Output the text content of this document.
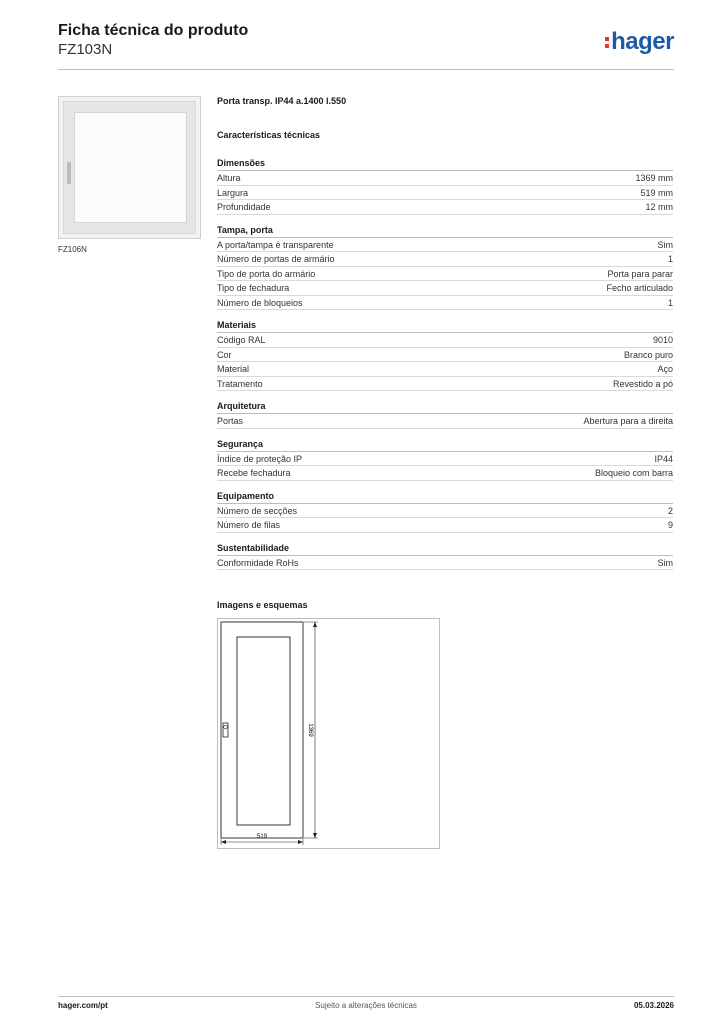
Ficha técnica do produto
FZ103N	hager
FZ106N
Porta transp. IP44 a.1400 l.550
Características técnicas
Dimensões
Altura	1369 mm
Largura	519 mm
Profundidade	12 mm
Tampa, porta
A porta/tampa é transparente	Sim
Número de portas de armário	1
Tipo de porta do armário	Porta para parar
Tipo de fechadura	Fecho articulado
Número de bloqueios	1
Materiais
Código RAL	9010
Cor	Branco puro
Material	Aço
Tratamento	Revestido a pó
Arquitetura
Portas	Abertura para a direita
Segurança
Índice de proteção IP	IP44
Recebe fechadura	Bloqueio com barra
Equipamento
Número de secções	2
Número de filas	9
Sustentabilidade
Conformidade RoHs	Sim
Imagens e esquemas
1369
519
hager.com/pt	Sujeito a alterações técnicas	05.03.2026
